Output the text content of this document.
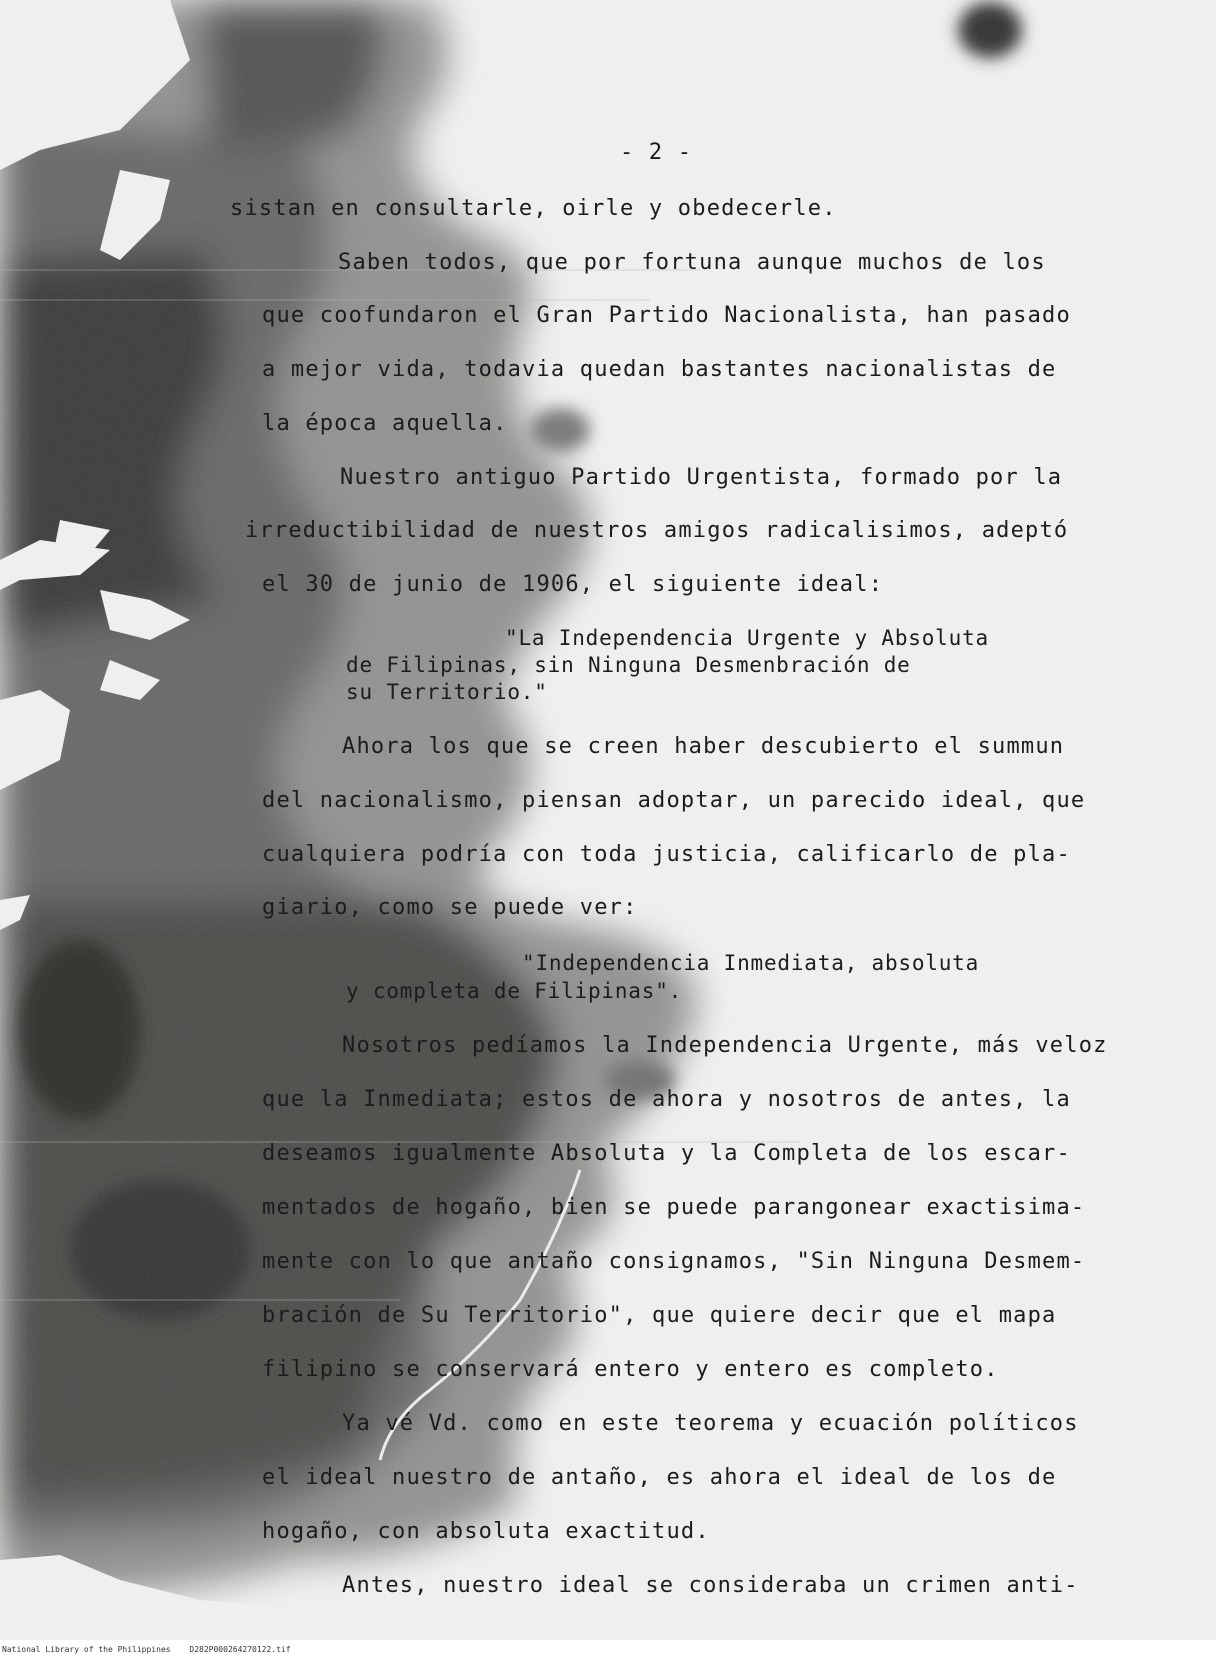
- 2 -

sistan en consultarle, oirle y obedecerle.

Saben todos, que por fortuna aunque muchos de los

que coofundaron el Gran Partido Nacionalista, han pasado

a mejor vida, todavia quedan bastantes nacionalistas de

la época aquella.

Nuestro antiguo Partido Urgentista, formado por la

irreductibilidad de nuestros amigos radicalisimos, adeptó

el 30 de junio de 1906, el siguiente ideal:

"La Independencia Urgente y Absoluta

de Filipinas, sin Ninguna Desmenbración de

su Territorio."

Ahora los que se creen haber descubierto el summun

del nacionalismo, piensan adoptar, un parecido ideal, que

cualquiera podría con toda justicia, calificarlo de pla-

giario, como se puede ver:

"Independencia Inmediata, absoluta

y completa de Filipinas".

Nosotros pedíamos la Independencia Urgente, más veloz

que la Inmediata; estos de ahora y nosotros de antes, la

deseamos igualmente Absoluta y la Completa de los escar-

mentados de hogaño, bien se puede parangonear exactisima-

mente con lo que antaño consignamos, "Sin Ninguna Desmem-

bración de Su Territorio", que quiere decir que el mapa

filipino se conservará entero y entero es completo.

Ya vé Vd. como en este teorema y ecuación políticos

el ideal nuestro de antaño, es ahora el ideal de los de

hogaño, con absoluta exactitud.

Antes, nuestro ideal se consideraba un crimen anti-

National Library of the Philippines D282P000264270122.tif
